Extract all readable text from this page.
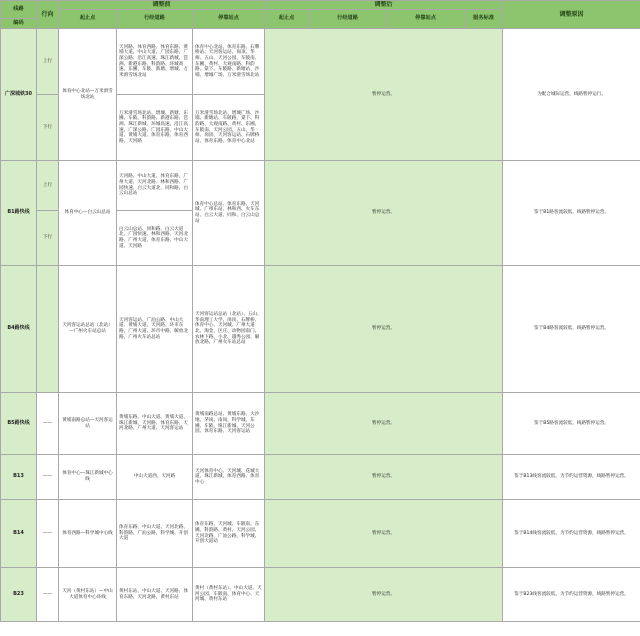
线路	行向	调整前			调整后				调整原因
		起止点	行经道路	停靠站点	起止点	行经道路	停靠站点	服务标准	
编码									
广深城铁30	上行	体育中心北站—万米滑雪场北站	天河路、体育西路、体育东路、黄埔大道、中山大道、广园东路、广深公路、沿江高速、珠江新城、琶洲、新港东路、科韵路、环城高速、东圃、车陂、新塘、增城、万米滑雪场北站	体育中心北站、体育东路、石牌桥站、天河客运站、岗顶、华师、五山、天河公园、车陂南、东圃、黄村、大观南路、科韵路、棠下、车陂路、新塘站、沙埔、增城广场、万米滑雪场北站	暂停运营。				为配合城际运营，线路暂停运行。
	下行		万米滑雪场北站、增城、新塘、东圃、车陂、科韵路、新港东路、琶洲、珠江新城、环城高速、沿江高速、广深公路、广园东路、中山大道、黄埔大道、体育东路、体育西路、天河路	万米滑雪场北站、增城广场、沙埔、新塘站、车陂路、棠下、科韵路、大观南路、黄村、东圃、车陂南、天河公园、五山、华师、岗顶、天河客运站、石牌桥站、体育东路、体育中心北站					
B1路快线	上行	体育中心—白云山总站	天河路、中山大道、体育东路、广州大道、天河北路、林和西路、广园快速、白云大道北、同和路、白云山总站	体育中心总站、体育东路、天河城、广州东站、林和西、火车东站、白云大道、同和、白云山总站	暂停运营。				鉴于B1路客流较低，线路暂停运营。
	下行		白云山总站、同和路、白云大道北、广园快速、林和西路、天河北路、广州大道、体育东路、中山大道、天河路						
B4路快线		天河客运站总站（北站）—广州火车站总站	天河客运站、广汕公路、中山大道、黄埔大道、天河路、环市东路、广州大道、环市中路、解放北路、广州火车站总站	天河客运站总站（北站）、五山、华南理工大学、岗顶、石牌桥、体育中心、天河城、广州大道北、淘金、区庄、动物园南门、农林下路、小北、越秀公园、解放北路、广州火车站总站	暂停运营。				鉴于B4路客流较低，线路暂停运营。
B5路快线	——	黄埔南路总站—天河客运站	黄埔东路、中山大道、黄埔大道、珠江新城、天河路、体育东路、天河北路、广州大道、天河客运站	黄埔南路总站、黄埔东路、大沙地、茅岗、南岗、科学城、东圃、车陂、珠江新城、天河公园、体育东路、天河客运站	暂停运营。				鉴于B5路客流较低，线路暂停运营。
B13	——	体育中心—珠江新城中心线	中山大道西、天河路	天河体育中心、天河城、花城大道、珠江新城、体育西路、体育中心	暂停运营。				鉴于B13线客流较低，为节约运营资源，线路暂停运营。
B14	——	体育西路—科学城中心线	体育东路、中山大道、天河北路、科韵路、广汕公路、科学城、开创大道	体育东路、天河城、车陂南、东圃、科韵路、黄村、天河公园、天河北路、广汕公路、科学城、开创大道站	暂停运营。				鉴于B14线客流较低，为节约运营资源，线路暂停运营。
B23	——	天河（黄村东站）—中山大道体育中心环线	黄村东站、中山大道、天河路、体育东路、天河北路、黄村东站	黄村（黄村东站）、中山大道、天河公园、车陂南、体育中心、天河城、黄村东站	暂停运营。				鉴于B23线客流较低，为节约运营资源，线路暂停运营。
